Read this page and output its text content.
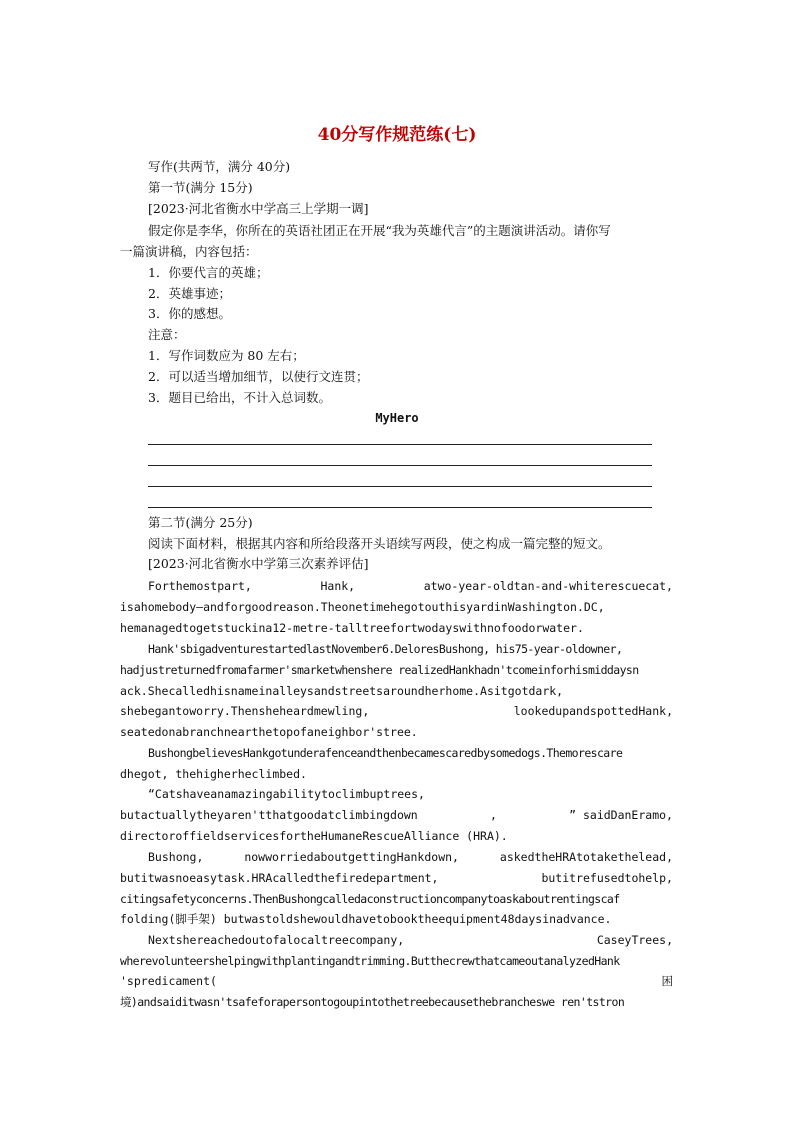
40分写作规范练(七)
写作(共两节，满分 40分)
第一节(满分 15分)
[2023·河北省衡水中学高三上学期一调]
假定你是李华，你所在的英语社团正在开展“我为英雄代言”的主题演讲活动。请你写
一篇演讲稿，内容包括：
1．你要代言的英雄；
2．英雄事迹；
3．你的感想。
注意：
1．写作词数应为 80 左右；
2．可以适当增加细节，以使行文连贯；
3．题目已给出，不计入总词数。
MyHero
第二节(满分 25分)
阅读下面材料，根据其内容和所给段落开头语续写两段，使之构成一篇完整的短文。
[2023·河北省衡水中学第三次素养评估]
Forthemostpart,	Hank,	atwo-year-oldtan-and-whiterescuecat,
isahomebody—andforgoodreason.TheonetimehegotouthisyardinWashington.DC,
hemanagedtogetstuckina12-metre-talltreefortwodayswithnofoodorwater.
Hank'sbigadventurestartedlastNovember6.DeloresBushong, his75-year-oldowner,
hadjustreturnedfromafarmer'smarketwhenshere realizedHankhadn'tcomeinforhismiddaysn
ack.Shecalledhisnameinalleysandstreetsaroundherhome.Asitgotdark,
shebegantoworry.Thensheheardmewling,	lookedupandspottedHank,
seatedonabranchnearthetopofaneighbor'stree.
BushongbelievesHankgotunderafenceandthenbecamescaredbysomedogs.Themorescare
dhegot, thehigherheclimbed.
“Catshaveanamazingabilitytoclimbuptrees,
butactuallytheyaren'tthatgoodatclimbingdown	,	” saidDanEramo,
directoroffieldservicesfortheHumaneRescueAlliance (HRA).
Bushong,	nowworriedaboutgettingHankdown,	askedtheHRAtotakethelead,
butitwasnoeasytask.HRAcalledthefiredepartment,	butitrefusedtohelp,
citingsafetyconcerns.ThenBushongcalledaconstructioncompanytoaskaboutrentingscaf
folding(脚手架) butwastoldshewouldhavetobooktheequipment48daysinadvance.
Nextshereachedoutofalocaltreecompany,	CaseyTrees,
wherevolunteershelpingwithplantingandtrimming.ButthecrewthatcameoutanalyzedHank
'spredicament(	困
境)andsaiditwasn'tsafeforapersontogoupintothetreebecausethebrancheswe ren'tstron
